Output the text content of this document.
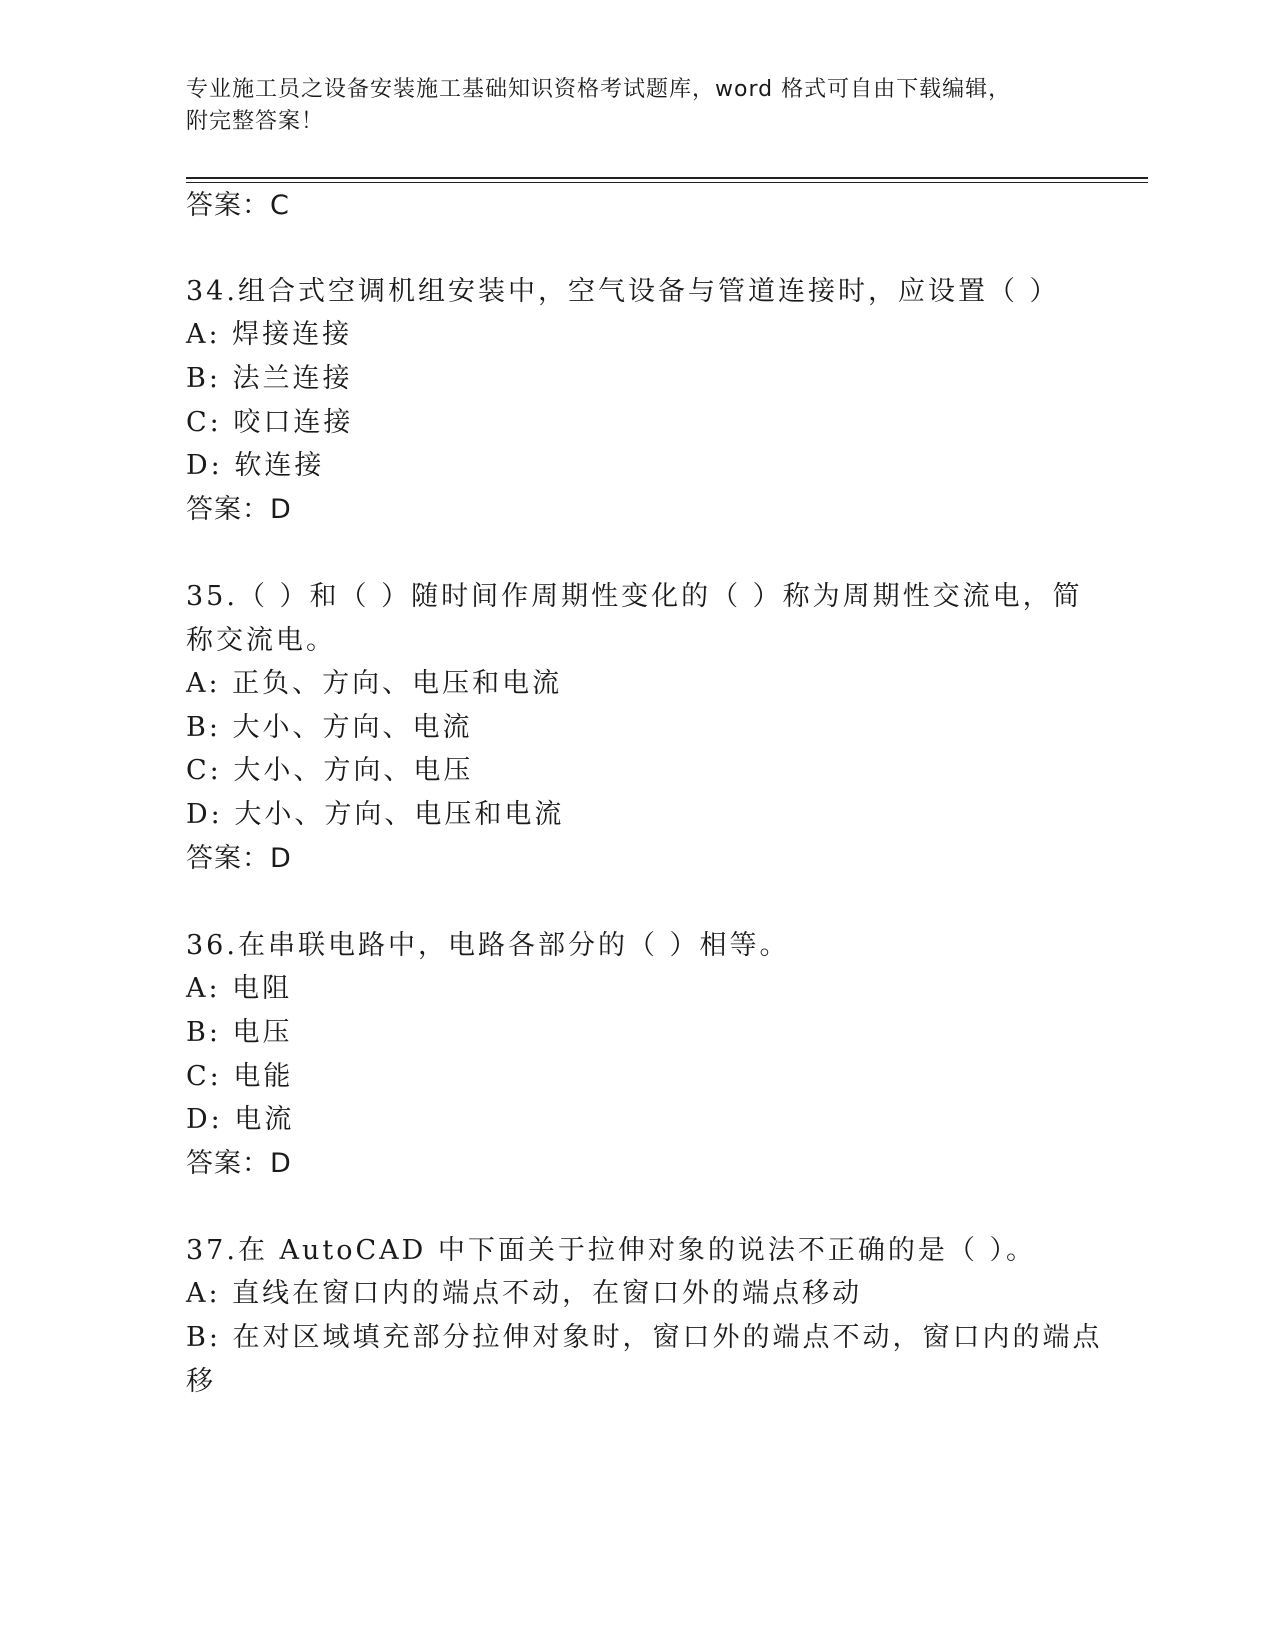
专业施工员之设备安装施工基础知识资格考试题库，word 格式可自由下载编辑，
附完整答案！
答案：C
34.组合式空调机组安装中，空气设备与管道连接时，应设置（ ）
A: 焊接连接
B: 法兰连接
C: 咬口连接
D: 软连接
答案：D
35.（ ）和（ ）随时间作周期性变化的（ ）称为周期性交流电，简
称交流电。
A: 正负、方向、电压和电流
B: 大小、方向、电流
C: 大小、方向、电压
D: 大小、方向、电压和电流
答案：D
36.在串联电路中，电路各部分的（ ）相等。
A: 电阻
B: 电压
C: 电能
D: 电流
答案：D
37.在 AutoCAD 中下面关于拉伸对象的说法不正确的是（ ）。
A: 直线在窗口内的端点不动，在窗口外的端点移动
B: 在对区域填充部分拉伸对象时，窗口外的端点不动，窗口内的端点
移
